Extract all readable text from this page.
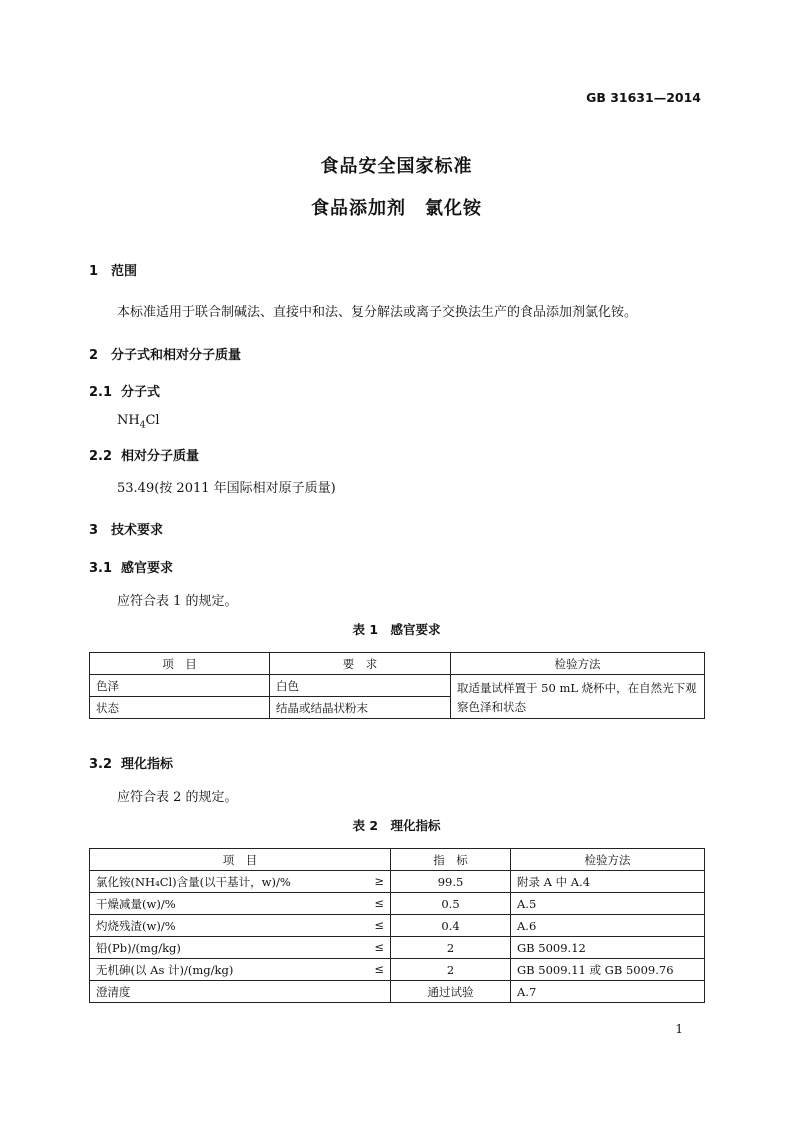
GB 31631—2014
食品安全国家标准
食品添加剂　氯化铵
1 范围
本标准适用于联合制碱法、直接中和法、复分解法或离子交换法生产的食品添加剂氯化铵。
2 分子式和相对分子质量
2.1 分子式
$NH_4Cl$
2.2 相对分子质量
53.49(按 2011 年国际相对原子质量)
3 技术要求
3.1 感官要求
应符合表 1 的规定。
表 1　感官要求
项　目	要　求	检验方法
色泽	白色	取适量试样置于 50 mL 烧杯中，在自然光下观察色泽和状态
状态	结晶或结晶状粉末	
3.2 理化指标
应符合表 2 的规定。
表 2　理化指标
项　目	指　标	检验方法
氯化铵(NH₄Cl)含量(以干基计，w)/% ≥	99.5	附录 A 中 A.4
干燥减量(w)/% ≤	0.5	A.5
灼烧残渣(w)/% ≤	0.4	A.6
铅(Pb)/(mg/kg) ≤	2	GB 5009.12
无机砷(以 As 计)/(mg/kg) ≤	2	GB 5009.11 或 GB 5009.76
澄清度	通过试验	A.7
1
